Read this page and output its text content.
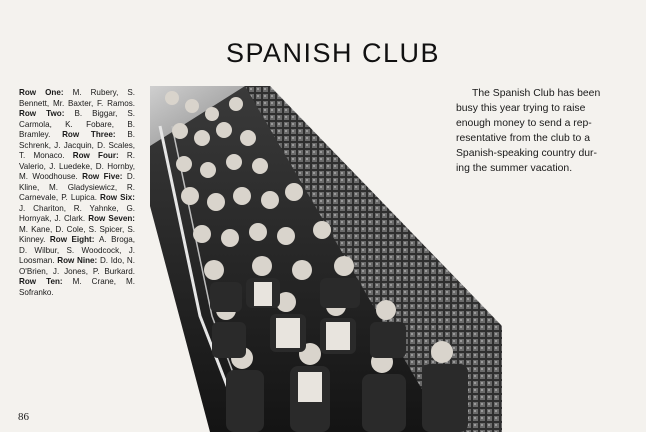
SPANISH CLUB
Row One: M. Rubery, S. Bennett, Mr. Baxter, F. Ramos. Row Two: B. Biggar, S. Carmola, K. Fobare, B. Bramley. Row Three: B. Schrenk, J. Jacquin, D. Scales, T. Monaco. Row Four: R. Valerio, J. Luedeke, D. Hornby, M. Woodhouse. Row Five: D. Kline, M. Gladysiewicz, R. Carnevale, P. Lupica. Row Six: J. Chariton, R. Yahnke, G. Hornyak, J. Clark. Row Seven: M. Kane, D. Cole, S. Spicer, S. Kinney. Row Eight: A. Broga, D. Wilbur, S. Woodcock, J. Loosman. Row Nine: D. Ido, N. O'Brien, J. Jones, P. Burkard. Row Ten: M. Crane, M. Sofranko.
The Spanish Club has been
busy this year trying to raise
enough money to send a rep-
resentative from the club to a
Spanish-speaking country dur-
ing the summer vacation.
86
